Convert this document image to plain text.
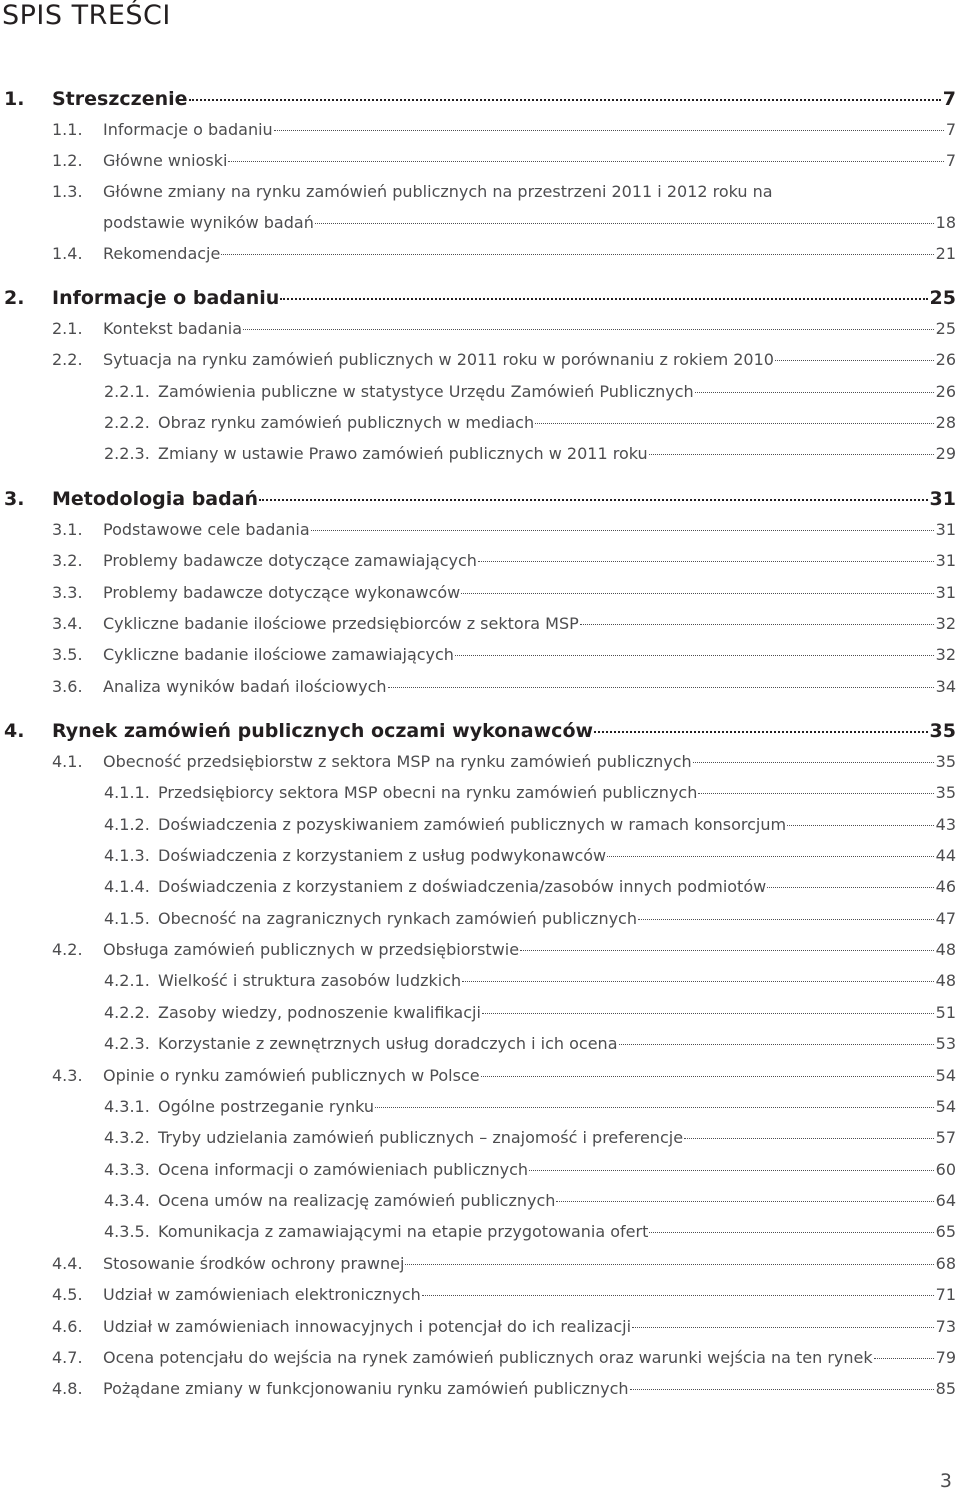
SPIS TREŚCI
1. Streszczenie	7
1.1. Informacje o badaniu	7
1.2. Główne wnioski	7
1.3. Główne zmiany na rynku zamówień publicznych na przestrzeni 2011 i 2012 roku na
podstawie wyników badań	18
1.4. Rekomendacje	21
2. Informacje o badaniu	25
2.1. Kontekst badania	25
2.2. Sytuacja na rynku zamówień publicznych w 2011 roku w porównaniu z rokiem 2010	26
2.2.1. Zamówienia publiczne w statystyce Urzędu Zamówień Publicznych	26
2.2.2. Obraz rynku zamówień publicznych w mediach	28
2.2.3. Zmiany w ustawie Prawo zamówień publicznych w 2011 roku	29
3. Metodologia badań	31
3.1. Podstawowe cele badania	31
3.2. Problemy badawcze dotyczące zamawiających	31
3.3. Problemy badawcze dotyczące wykonawców	31
3.4. Cykliczne badanie ilościowe przedsiębiorców z sektora MSP	32
3.5. Cykliczne badanie ilościowe zamawiających	32
3.6. Analiza wyników badań ilościowych	34
4. Rynek zamówień publicznych oczami wykonawców	35
4.1. Obecność przedsiębiorstw z sektora MSP na rynku zamówień publicznych	35
4.1.1. Przedsiębiorcy sektora MSP obecni na rynku zamówień publicznych	35
4.1.2. Doświadczenia z pozyskiwaniem zamówień publicznych w ramach konsorcjum	43
4.1.3. Doświadczenia z korzystaniem z usług podwykonawców	44
4.1.4. Doświadczenia z korzystaniem z doświadczenia/zasobów innych podmiotów	46
4.1.5. Obecność na zagranicznych rynkach zamówień publicznych	47
4.2. Obsługa zamówień publicznych w przedsiębiorstwie	48
4.2.1. Wielkość i struktura zasobów ludzkich	48
4.2.2. Zasoby wiedzy, podnoszenie kwalifikacji	51
4.2.3. Korzystanie z zewnętrznych usług doradczych i ich ocena	53
4.3. Opinie o rynku zamówień publicznych w Polsce	54
4.3.1. Ogólne postrzeganie rynku	54
4.3.2. Tryby udzielania zamówień publicznych – znajomość i preferencje	57
4.3.3. Ocena informacji o zamówieniach publicznych	60
4.3.4. Ocena umów na realizację zamówień publicznych	64
4.3.5. Komunikacja z zamawiającymi na etapie przygotowania ofert	65
4.4. Stosowanie środków ochrony prawnej	68
4.5. Udział w zamówieniach elektronicznych	71
4.6. Udział w zamówieniach innowacyjnych i potencjał do ich realizacji	73
4.7. Ocena potencjału do wejścia na rynek zamówień publicznych oraz warunki wejścia na ten rynek	79
4.8. Pożądane zmiany w funkcjonowaniu rynku zamówień publicznych	85
3
